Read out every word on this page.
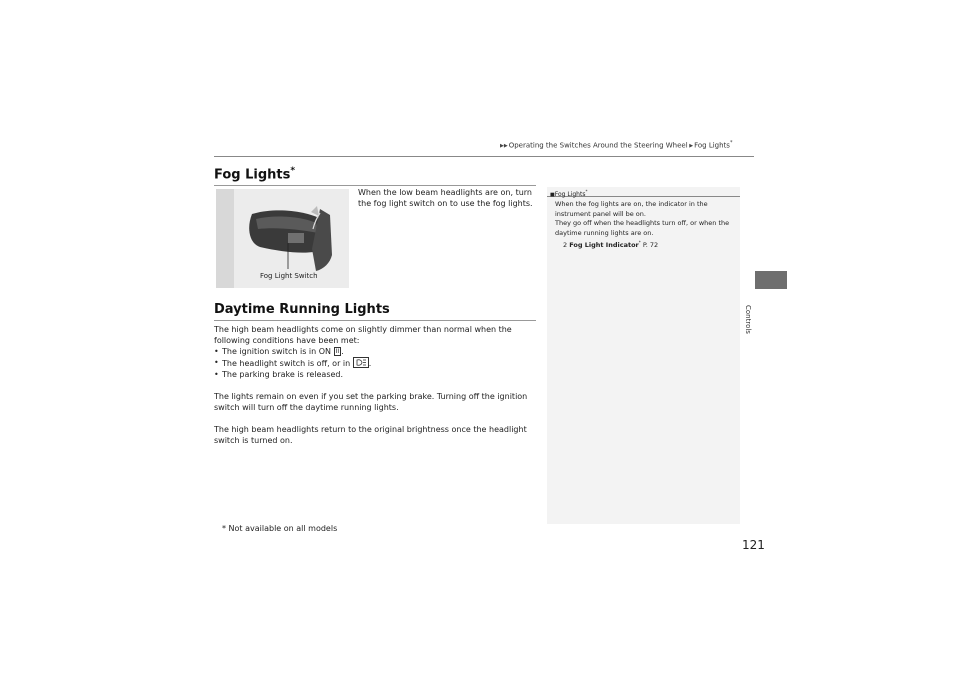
▶▶Operating the Switches Around the Steering Wheel ▶Fog Lights*
Fog Lights*
Fog Light Switch
When the low beam headlights are on, turn the fog light switch on to use the fog lights.
Daytime Running Lights

The high beam headlights come on slightly dimmer than normal when the following conditions have been met:

• The ignition switch is in ON II .
• The headlight switch is off, or in .
• The parking brake is released.

The lights remain on even if you set the parking brake. Turning off the ignition switch will turn off the daytime running lights.

The high beam headlights return to the original brightness once the headlight switch is turned on.

■Fog Lights*

When the fog lights are on, the indicator in the instrument panel will be on.

They go off when the headlights turn off, or when the daytime running lights are on.

2 Fog Light Indicator* P. 72

Controls
* Not available on all models
121
